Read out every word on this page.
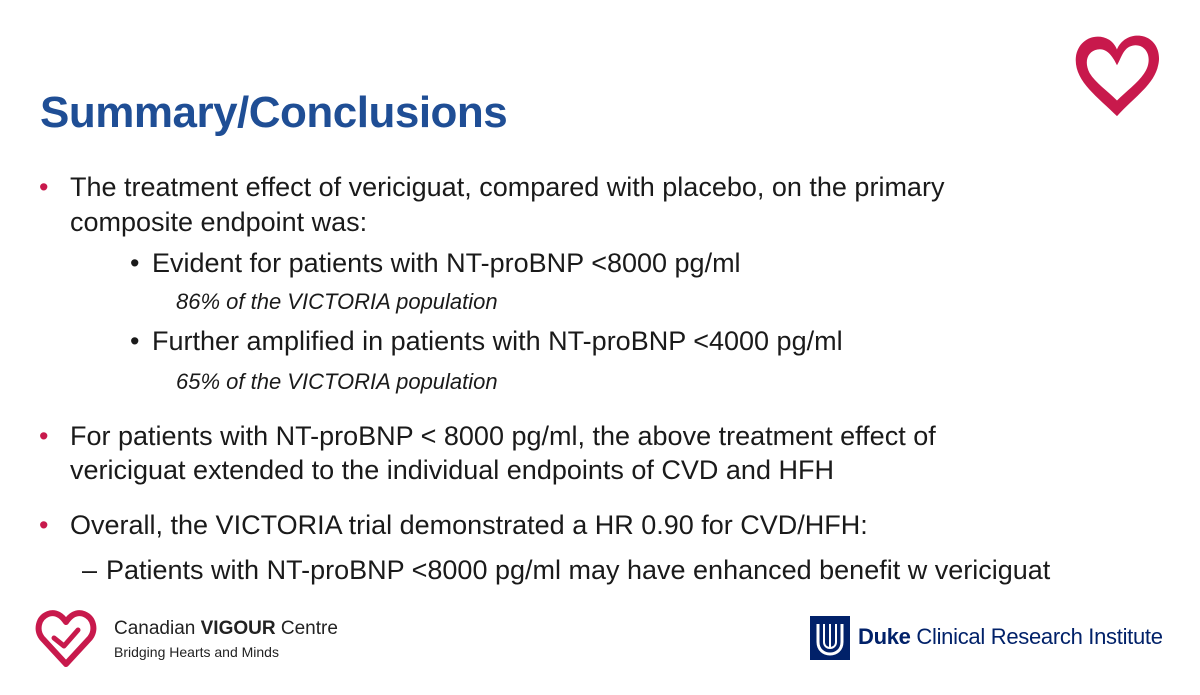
Summary/Conclusions
• The treatment effect of vericiguat, compared with placebo, on the primary
composite endpoint was:
• Evident for patients with NT-proBNP <8000 pg/ml
86% of the VICTORIA population
• Further amplified in patients with NT-proBNP <4000 pg/ml
65% of the VICTORIA population
• For patients with NT-proBNP < 8000 pg/ml, the above treatment effect of
vericiguat extended to the individual endpoints of CVD and HFH
• Overall, the VICTORIA trial demonstrated a HR 0.90 for CVD/HFH:
– Patients with NT-proBNP <8000 pg/ml may have enhanced benefit w vericiguat
Canadian VIGOUR Centre
Bridging Hearts and Minds
Duke Clinical Research Institute
